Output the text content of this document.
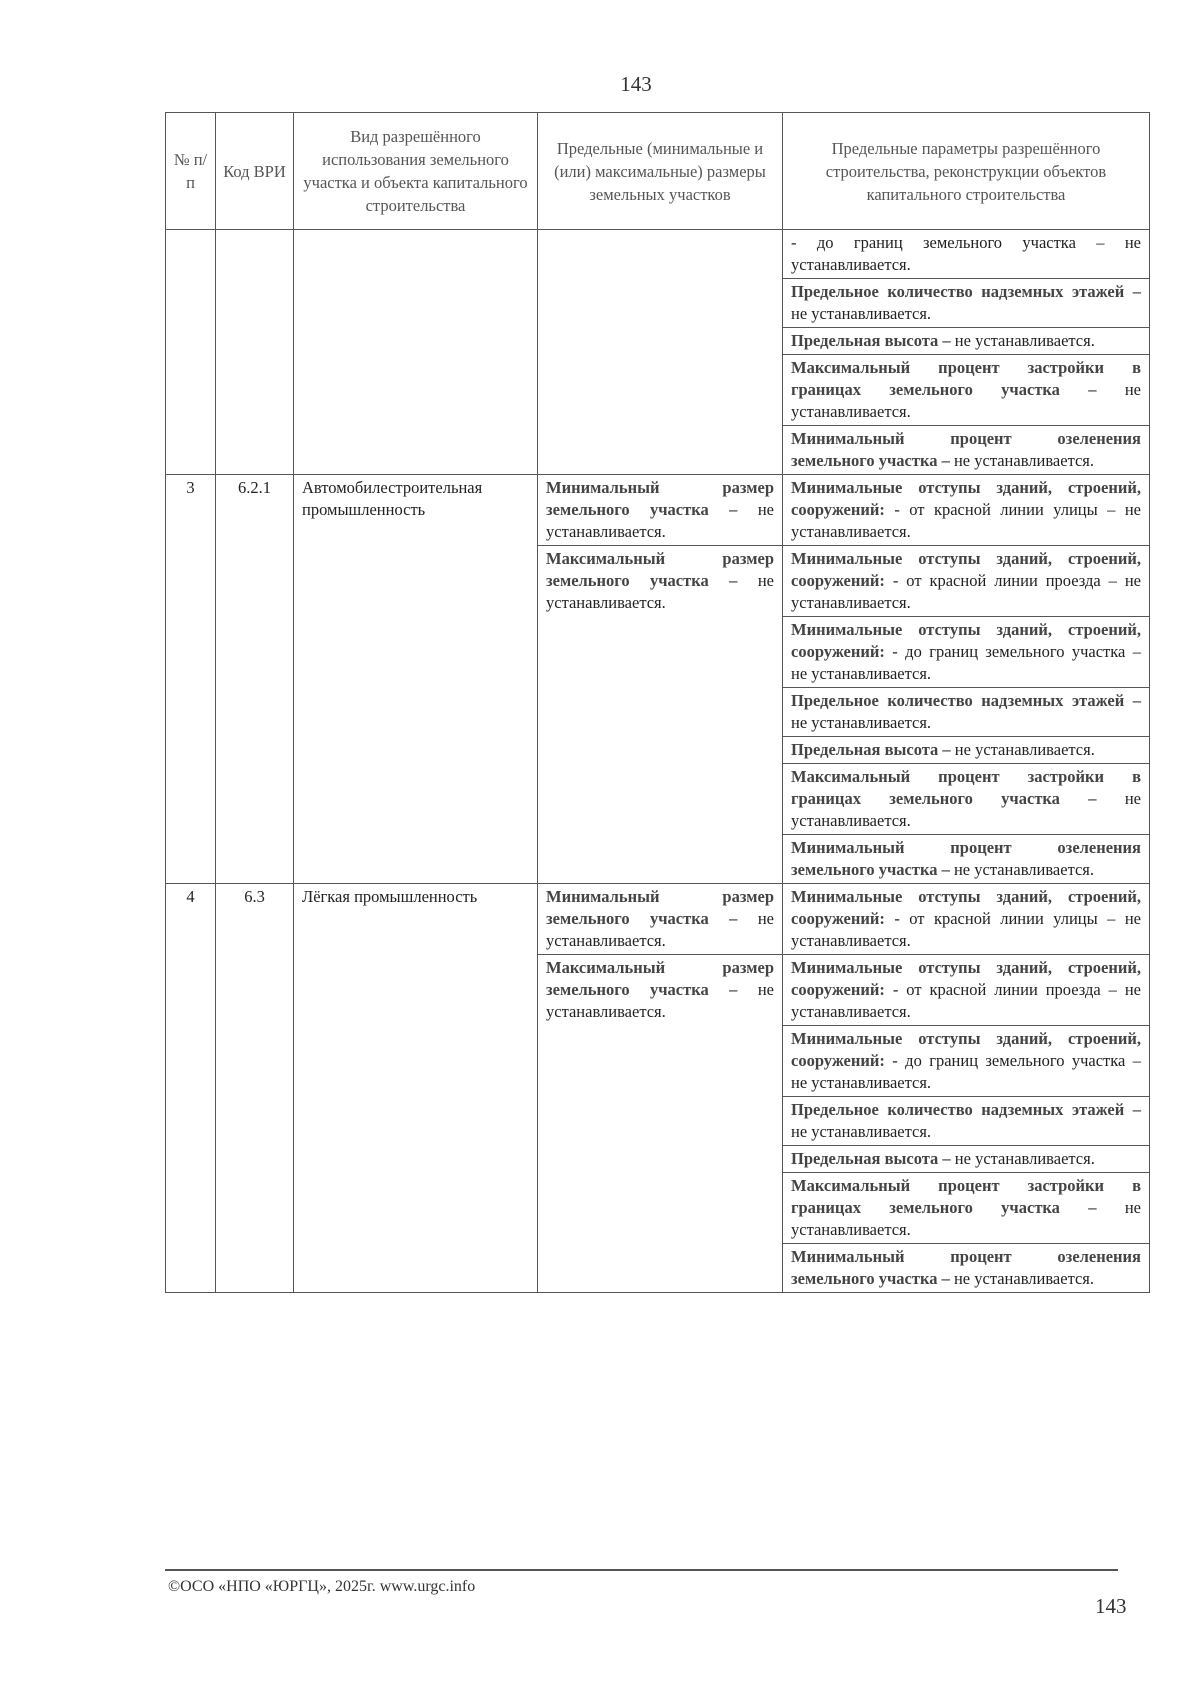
143
№ п/п	Код ВРИ	Вид разрешённого использования земельного участка и объекта капитального строительства	Предельные (минимальные и (или) максимальные) размеры земельных участков	Предельные параметры разрешённого строительства, реконструкции объектов капитального строительства
				- до границ земельного участка – не устанавливается.
				Предельное количество надземных этажей – не устанавливается.
				Предельная высота – не устанавливается.
				Максимальный процент застройки в границах земельного участка – не устанавливается.
				Минимальный процент озеленения земельного участка – не устанавливается.
3	6.2.1	Автомобилестроительная промышленность	Минимальный размер земельного участка – не устанавливается.	Минимальные отступы зданий, строений, сооружений: - от красной линии улицы – не устанавливается.
			Максимальный размер земельного участка – не устанавливается.	Минимальные отступы зданий, строений, сооружений: - от красной линии проезда – не устанавливается.
				Минимальные отступы зданий, строений, сооружений: - до границ земельного участка – не устанавливается.
				Предельное количество надземных этажей – не устанавливается.
				Предельная высота – не устанавливается.
				Максимальный процент застройки в границах земельного участка – не устанавливается.
				Минимальный процент озеленения земельного участка – не устанавливается.
4	6.3	Лёгкая промышленность	Минимальный размер земельного участка – не устанавливается.	Минимальные отступы зданий, строений, сооружений: - от красной линии улицы – не устанавливается.
			Максимальный размер земельного участка – не устанавливается.	Минимальные отступы зданий, строений, сооружений: - от красной линии проезда – не устанавливается.
				Минимальные отступы зданий, строений, сооружений: - до границ земельного участка – не устанавливается.
				Предельное количество надземных этажей – не устанавливается.
				Предельная высота – не устанавливается.
				Максимальный процент застройки в границах земельного участка – не устанавливается.
				Минимальный процент озеленения земельного участка – не устанавливается.
©ОСО «НПО «ЮРГЦ», 2025г. www.urgc.info
143
